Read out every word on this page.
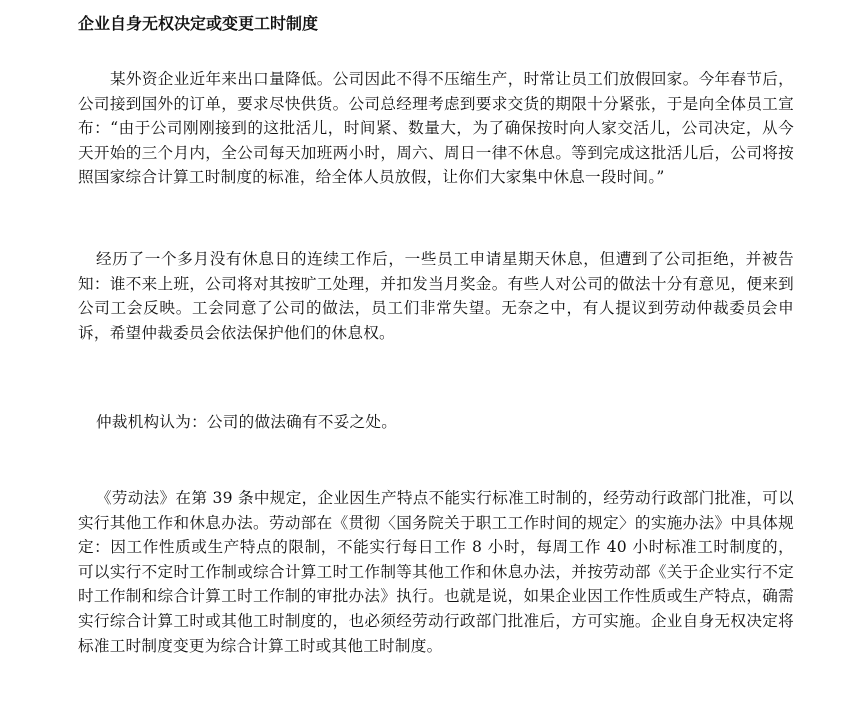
企业自身无权决定或变更工时制度

某外资企业近年来出口量降低。公司因此不得不压缩生产，时常让员工们放假回家。今年春节后，公司接到国外的订单，要求尽快供货。公司总经理考虑到要求交货的期限十分紧张，于是向全体员工宣布：“由于公司刚刚接到的这批活儿，时间紧、数量大，为了确保按时向人家交活儿，公司决定，从今天开始的三个月内，全公司每天加班两小时，周六、周日一律不休息。等到完成这批活儿后，公司将按照国家综合计算工时制度的标准，给全体人员放假，让你们大家集中休息一段时间。”

经历了一个多月没有休息日的连续工作后，一些员工申请星期天休息，但遭到了公司拒绝，并被告知：谁不来上班，公司将对其按旷工处理，并扣发当月奖金。有些人对公司的做法十分有意见，便来到公司工会反映。工会同意了公司的做法，员工们非常失望。无奈之中，有人提议到劳动仲裁委员会申诉，希望仲裁委员会依法保护他们的休息权。

仲裁机构认为：公司的做法确有不妥之处。

《劳动法》在第 39 条中规定，企业因生产特点不能实行标准工时制的，经劳动行政部门批准，可以实行其他工作和休息办法。劳动部在《贯彻〈国务院关于职工工作时间的规定〉的实施办法》中具体规定：因工作性质或生产特点的限制，不能实行每日工作 8 小时，每周工作 40 小时标准工时制度的，可以实行不定时工作制或综合计算工时工作制等其他工作和休息办法，并按劳动部《关于企业实行不定时工作制和综合计算工时工作制的审批办法》执行。也就是说，如果企业因工作性质或生产特点，确需实行综合计算工时或其他工时制度的，也必须经劳动行政部门批准后，方可实施。企业自身无权决定将标准工时制度变更为综合计算工时或其他工时制度。
